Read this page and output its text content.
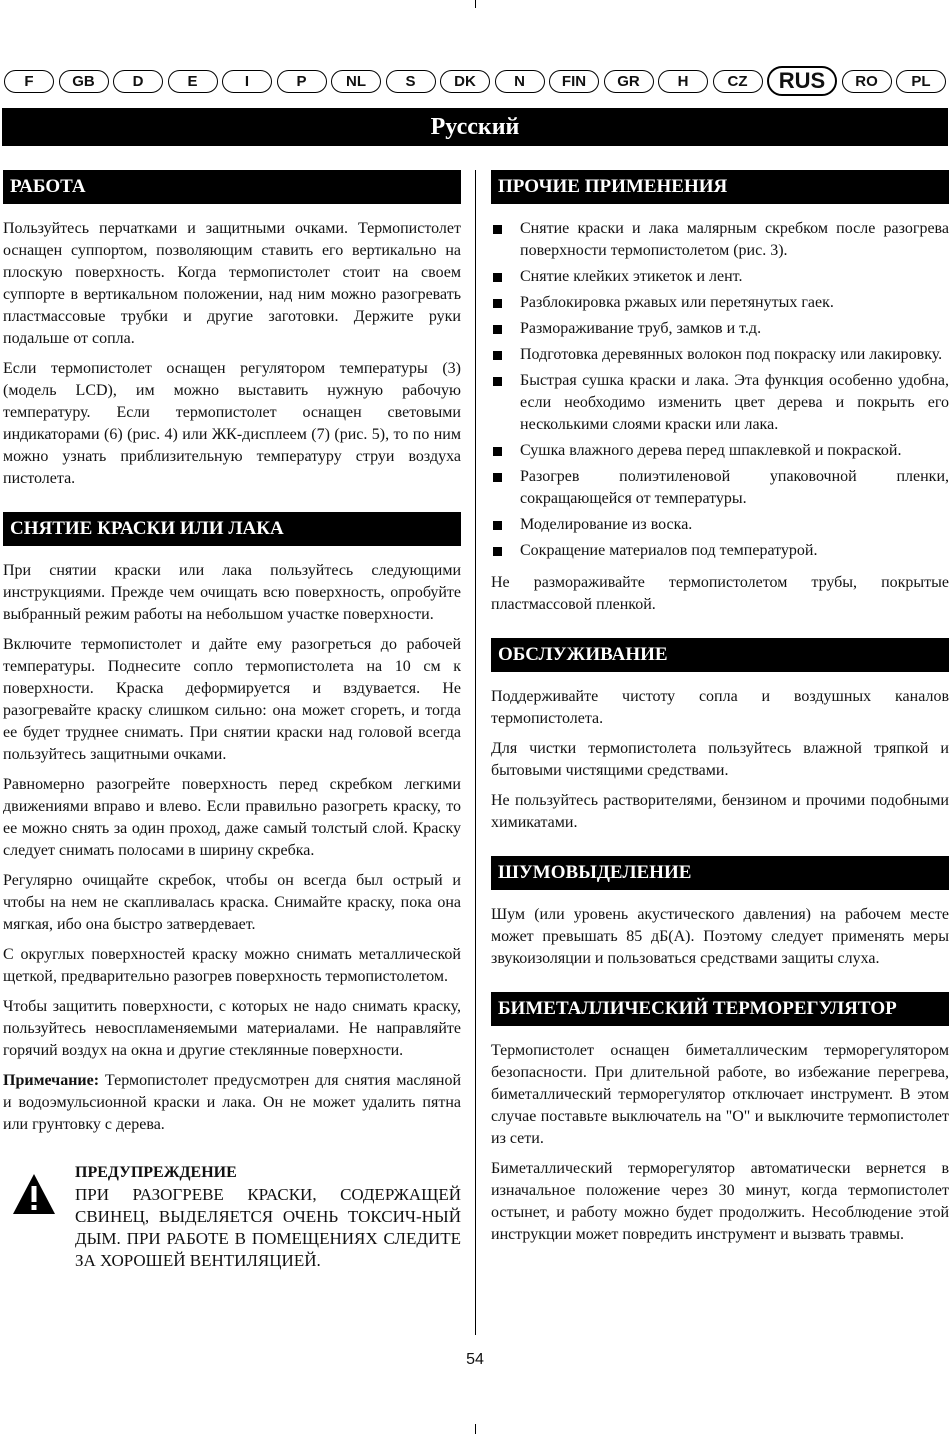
F	GB	D	E	I	P	NL	S	DK	N	FIN	GR	H	CZ	RUS	RO	PL
Русский
РАБОТА

Пользуйтесь перчатками и защитными очками. Термопистолет оснащен суппортом, позволяющим ставить его вертикально на плоскую поверхность. Когда термопистолет стоит на своем суппорте в вертикальном положении, над ним можно разогревать пластмассовые трубки и другие заготовки. Держите руки подальше от сопла.

Если термопистолет оснащен регулятором температуры (3) (модель LCD), им можно выставить нужную рабочую температуру. Если термопистолет оснащен световыми индикаторами (6) (рис. 4) или ЖК-дисплеем (7) (рис. 5), то по ним можно узнать приблизительную температуру струи воздуха пистолета.

СНЯТИЕ КРАСКИ ИЛИ ЛАКА

При снятии краски или лака пользуйтесь следующими инструкциями. Прежде чем очищать всю поверхность, опробуйте выбранный режим работы на небольшом участке поверхности.

Включите термопистолет и дайте ему разогреться до рабочей температуры. Поднесите сопло термопистолета на 10 см к поверхности. Краска деформируется и вздувается. Не разогревайте краску слишком сильно: она может сгореть, и тогда ее будет труднее снимать. При снятии краски над головой всегда пользуйтесь защитными очками.

Равномерно разогрейте поверхность перед скребком легкими движениями вправо и влево. Если правильно разогреть краску, то ее можно снять за один проход, даже самый толстый слой. Краску следует снимать полосами в ширину скребка.

Регулярно очищайте скребок, чтобы он всегда был острый и чтобы на нем не скапливалась краска. Снимайте краску, пока она мягкая, ибо она быстро затвердевает.

С округлых поверхностей краску можно снимать металлической щеткой, предварительно разогрев поверхность термопистолетом.

Чтобы защитить поверхности, с которых не надо снимать краску, пользуйтесь невоспламеняемыми материалами. Не направляйте горячий воздух на окна и другие стеклянные поверхности.

Примечание: Термопистолет предусмотрен для снятия масляной и водоэмульсионной краски и лака. Он не может удалить пятна или грунтовку с дерева.

ПРЕДУПРЕЖДЕНИЕ
ПРИ РАЗОГРЕВЕ КРАСКИ, СОДЕРЖАЩЕЙ СВИНЕЦ, ВЫДЕЛЯЕТСЯ ОЧЕНЬ ТОКСИЧ-НЫЙ ДЫМ. ПРИ РАБОТЕ В ПОМЕЩЕНИЯХ СЛЕДИТЕ ЗА ХОРОШЕЙ ВЕНТИЛЯЦИЕЙ.
ПРОЧИЕ ПРИМЕНЕНИЯ
Снятие краски и лака малярным скребком после разогрева поверхности термопистолетом (рис. 3).
Снятие клейких этикеток и лент.
Разблокировка ржавых или перетянутых гаек.
Размораживание труб, замков и т.д.
Подготовка деревянных волокон под покраску или лакировку.
Быстрая сушка краски и лака. Эта функция особенно удобна, если необходимо изменить цвет дерева и покрыть его несколькими слоями краски или лака.
Сушка влажного дерева перед шпаклевкой и покраской.
Разогрев полиэтиленовой упаковочной пленки, сокращающейся от температуры.
Моделирование из воска.
Сокращение материалов под температурой.

Не размораживайте термопистолетом трубы, покрытые пластмассовой пленкой.

ОБСЛУЖИВАНИЕ

Поддерживайте чистоту сопла и воздушных каналов термопистолета.

Для чистки термопистолета пользуйтесь влажной тряпкой и бытовыми чистящими средствами.

Не пользуйтесь растворителями, бензином и прочими подобными химикатами.

ШУМОВЫДЕЛЕНИЕ

Шум (или уровень акустического давления) на рабочем месте может превышать 85 дБ(A). Поэтому следует применять меры звукоизоляции и пользоваться средствами защиты слуха.

БИМЕТАЛЛИЧЕСКИЙ ТЕРМОРЕГУЛЯТОР

Термопистолет оснащен биметаллическим терморегулятором безопасности. При длительной работе, во избежание перегрева, биметаллический терморегулятор отключает инструмент. В этом случае поставьте выключатель на "O" и выключите термопистолет из сети.

Биметаллический терморегулятор автоматически вернется в изначальное положение через 30 минут, когда термопистолет остынет, и работу можно будет продолжить. Несоблюдение этой инструкции может повредить инструмент и вызвать травмы.

54
